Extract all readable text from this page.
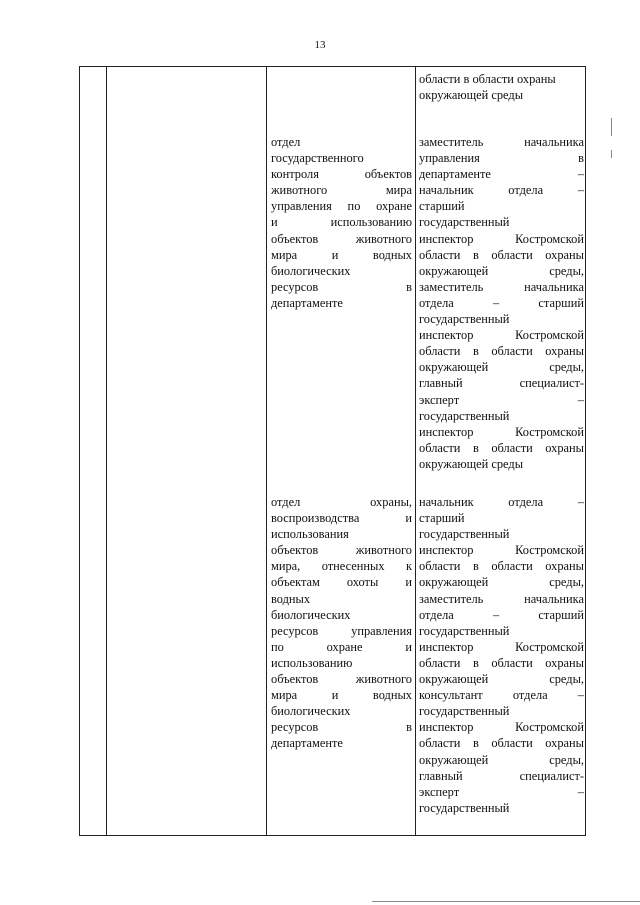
13
области в области охраны
окружающей среды
отдел
государственного
контроля объектов
животного мира
управления по охране
и использованию
объектов животного
мира и водных
биологических
ресурсов в
департаменте
заместитель начальника
управления в
департаменте –
начальник отдела –
старший
государственный
инспектор Костромской
области в области охраны
окружающей среды,
заместитель начальника
отдела – старший
государственный
инспектор Костромской
области в области охраны
окружающей среды,
главный специалист-
эксперт –
государственный
инспектор Костромской
области в области охраны
окружающей среды
отдел охраны,
воспроизводства и
использования
объектов животного
мира, отнесенных к
объектам охоты и
водных
биологических
ресурсов управления
по охране и
использованию
объектов животного
мира и водных
биологических
ресурсов в
департаменте
начальник отдела –
старший
государственный
инспектор Костромской
области в области охраны
окружающей среды,
заместитель начальника
отдела – старший
государственный
инспектор Костромской
области в области охраны
окружающей среды,
консультант отдела –
государственный
инспектор Костромской
области в области охраны
окружающей среды,
главный специалист-
эксперт –
государственный
